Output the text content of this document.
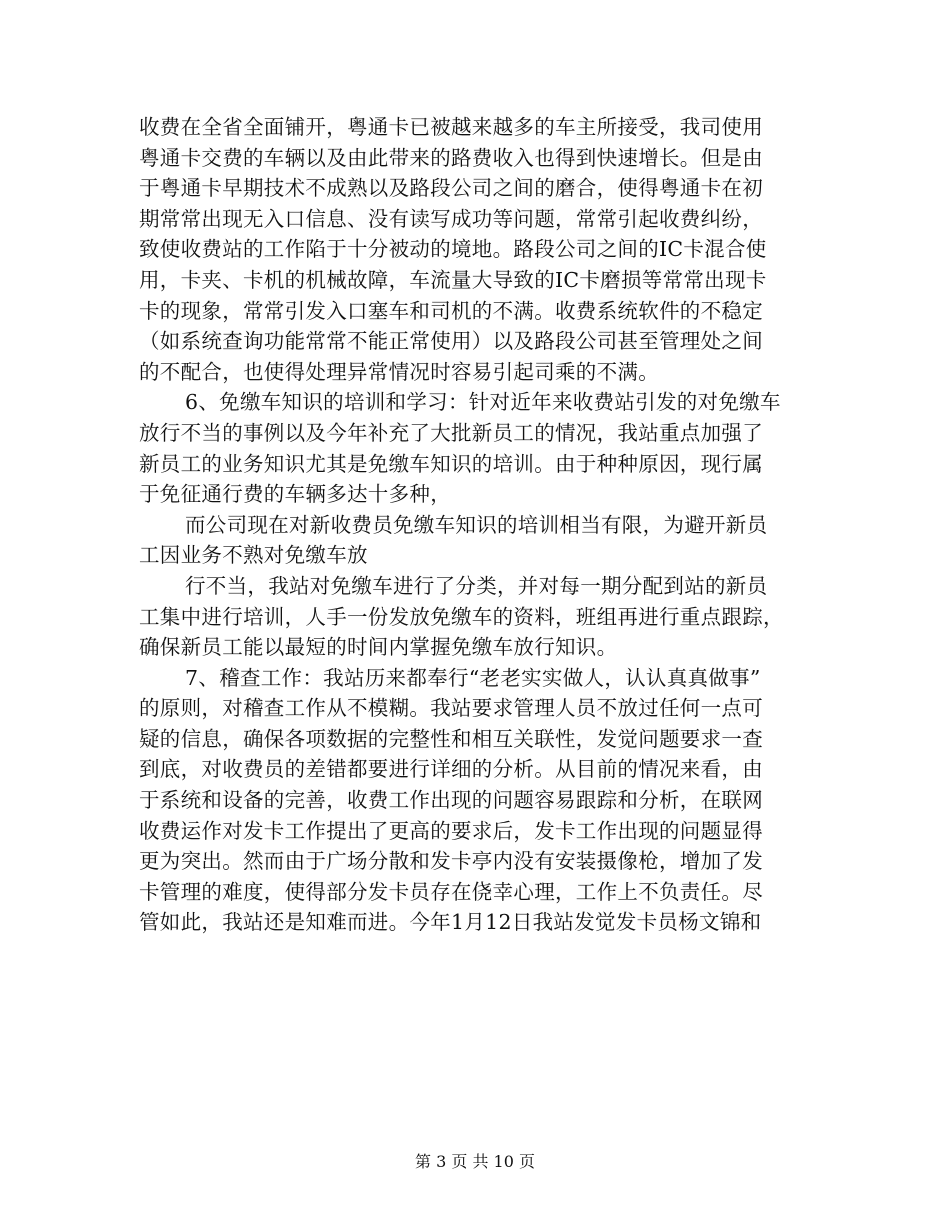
收费在全省全面铺开，粤通卡已被越来越多的车主所接受，我司使用
粤通卡交费的车辆以及由此带来的路费收入也得到快速增长。但是由
于粤通卡早期技术不成熟以及路段公司之间的磨合，使得粤通卡在初
期常常出现无入口信息、没有读写成功等问题，常常引起收费纠纷，
致使收费站的工作陷于十分被动的境地。路段公司之间的IC卡混合使
用，卡夹、卡机的机械故障，车流量大导致的IC卡磨损等常常出现卡
卡的现象，常常引发入口塞车和司机的不满。收费系统软件的不稳定
（如系统查询功能常常不能正常使用）以及路段公司甚至管理处之间
的不配合，也使得处理异常情况时容易引起司乘的不满。
6、免缴车知识的培训和学习：针对近年来收费站引发的对免缴车
放行不当的事例以及今年补充了大批新员工的情况，我站重点加强了
新员工的业务知识尤其是免缴车知识的培训。由于种种原因，现行属
于免征通行费的车辆多达十多种，
而公司现在对新收费员免缴车知识的培训相当有限，为避开新员
工因业务不熟对免缴车放
行不当，我站对免缴车进行了分类，并对每一期分配到站的新员
工集中进行培训，人手一份发放免缴车的资料，班组再进行重点跟踪，
确保新员工能以最短的时间内掌握免缴车放行知识。
7、稽查工作：我站历来都奉行“老老实实做人，认认真真做事”
的原则，对稽查工作从不模糊。我站要求管理人员不放过任何一点可
疑的信息，确保各项数据的完整性和相互关联性，发觉问题要求一查
到底，对收费员的差错都要进行详细的分析。从目前的情况来看，由
于系统和设备的完善，收费工作出现的问题容易跟踪和分析，在联网
收费运作对发卡工作提出了更高的要求后，发卡工作出现的问题显得
更为突出。然而由于广场分散和发卡亭内没有安装摄像枪，增加了发
卡管理的难度，使得部分发卡员存在侥幸心理，工作上不负责任。尽
管如此，我站还是知难而进。今年1月12日我站发觉发卡员杨文锦和
第 3 页 共 10 页
